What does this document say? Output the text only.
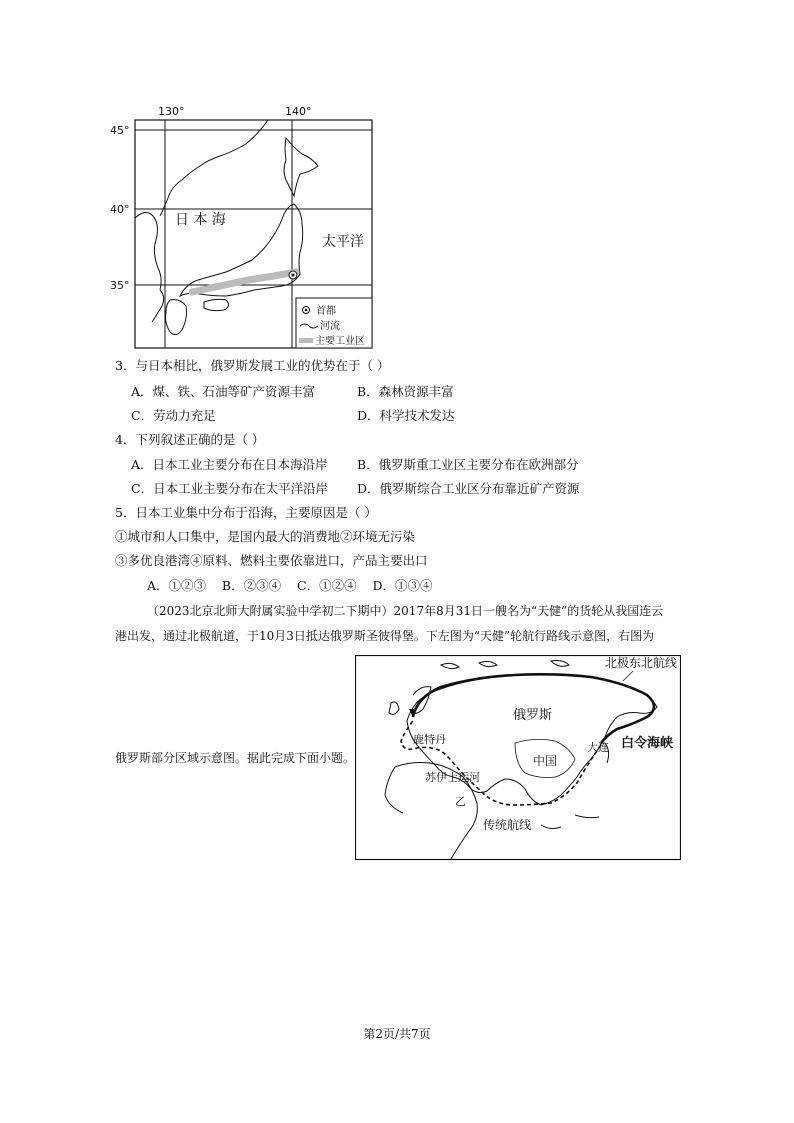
130°	140°
45°
40°
35°
日 本 海
太平洋
首都
河流
主要工业区
3．与日本相比，俄罗斯发展工业的优势在于（ ）
A．煤、铁、石油等矿产资源丰富	B．森林资源丰富
C．劳动力充足	D．科学技术发达
4．下列叙述正确的是（ ）
A．日本工业主要分布在日本海沿岸 B．俄罗斯重工业区主要分布在欧洲部分
C．日本工业主要分布在太平洋沿岸 D．俄罗斯综合工业区分布靠近矿产资源
5．日本工业集中分布于沿海，主要原因是（ ）
①城市和人口集中，是国内最大的消费地②环境无污染
③多优良港湾④原料、燃料主要依靠进口，产品主要出口
A．①②③    B．②③④    C．①②④    D．①③④
（2023北京北师大附属实验中学初二下期中）2017年8月31日一艘名为“天健”的货轮从我国连云
港出发，通过北极航道，于10月3日抵达俄罗斯圣彼得堡。下左图为“天健”轮航行路线示意图，右图为
俄罗斯部分区域示意图。据此完成下面小题。
北极东北航线
俄罗斯
鹿特丹
大连
中国
白令海峡
苏伊士运河
乙
传统航线
第2页/共7页
